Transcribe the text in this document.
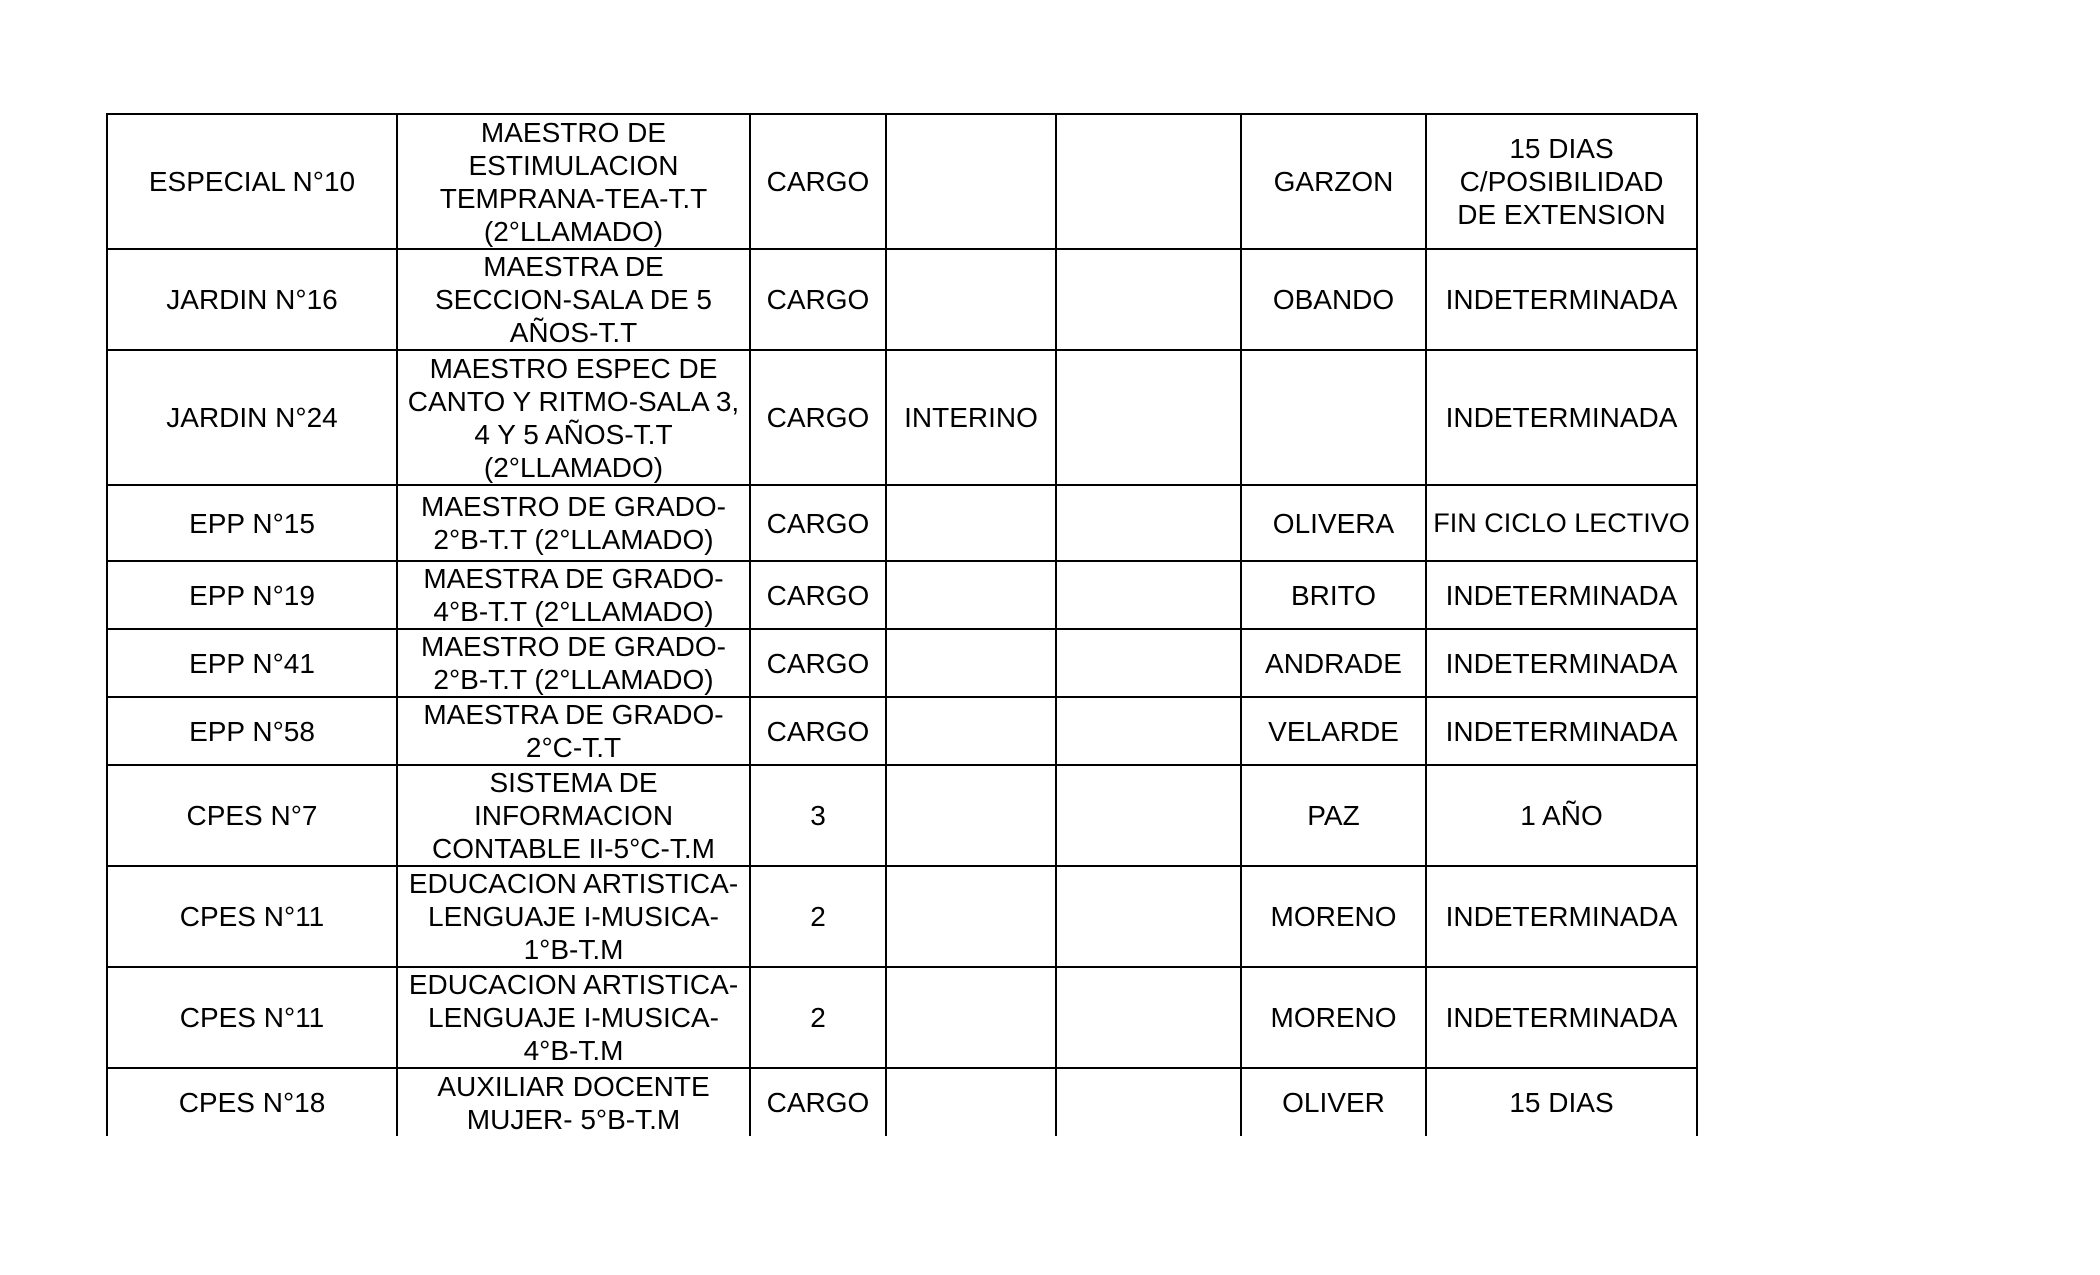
ESPECIAL N°10	MAESTRO DE ESTIMULACION TEMPRANA-TEA-T.T (2°LLAMADO)	CARGO			GARZON	15 DIAS C/POSIBILIDAD DE EXTENSION
JARDIN N°16	MAESTRA DE SECCION-SALA DE 5 AÑOS-T.T	CARGO			OBANDO	INDETERMINADA
JARDIN N°24	MAESTRO ESPEC DE CANTO Y RITMO-SALA 3, 4 Y 5 AÑOS-T.T (2°LLAMADO)	CARGO	INTERINO			INDETERMINADA
EPP N°15	MAESTRO DE GRADO-2°B-T.T (2°LLAMADO)	CARGO			OLIVERA	FIN CICLO LECTIVO
EPP N°19	MAESTRA DE GRADO-4°B-T.T (2°LLAMADO)	CARGO			BRITO	INDETERMINADA
EPP N°41	MAESTRO DE GRADO-2°B-T.T (2°LLAMADO)	CARGO			ANDRADE	INDETERMINADA
EPP N°58	MAESTRA DE GRADO-2°C-T.T	CARGO			VELARDE	INDETERMINADA
CPES N°7	SISTEMA DE INFORMACION CONTABLE II-5°C-T.M	3			PAZ	1 AÑO
CPES N°11	EDUCACION ARTISTICA-LENGUAJE I-MUSICA-1°B-T.M	2			MORENO	INDETERMINADA
CPES N°11	EDUCACION ARTISTICA-LENGUAJE I-MUSICA-4°B-T.M	2			MORENO	INDETERMINADA
CPES N°18	AUXILIAR DOCENTE MUJER- 5°B-T.M	CARGO			OLIVER	15 DIAS
